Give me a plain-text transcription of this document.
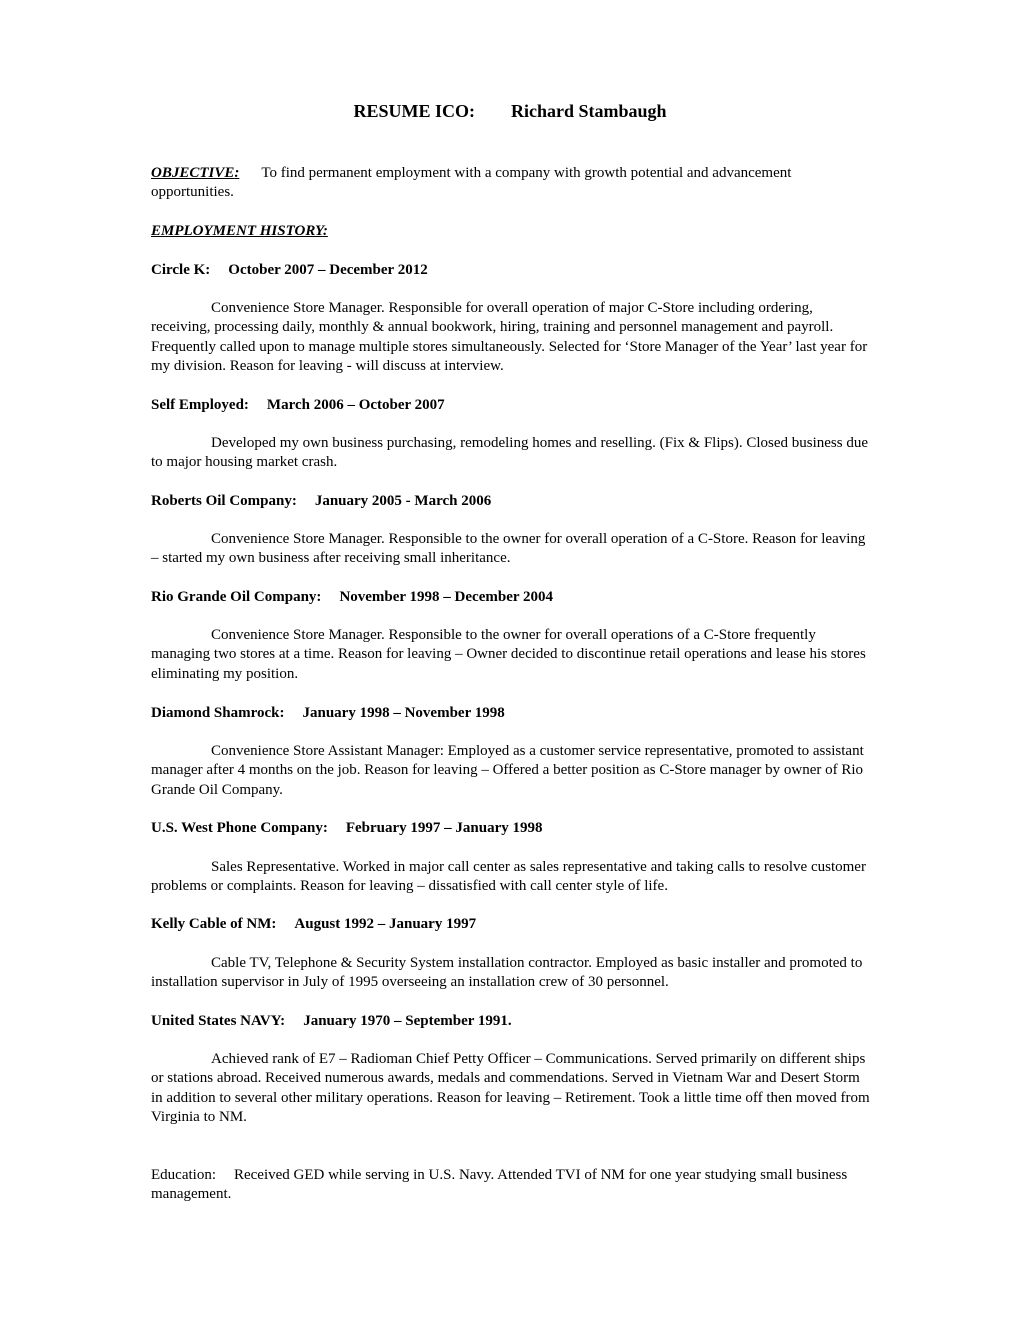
RESUME ICO: Richard Stambaugh

OBJECTIVE: To find permanent employment with a company with growth potential and advancement opportunities.

EMPLOYMENT HISTORY:

Circle K: October 2007 – December 2012

Convenience Store Manager. Responsible for overall operation of major C-Store including ordering, receiving, processing daily, monthly & annual bookwork, hiring, training and personnel management and payroll. Frequently called upon to manage multiple stores simultaneously. Selected for ‘Store Manager of the Year’ last year for my division. Reason for leaving - will discuss at interview.

Self Employed: March 2006 – October 2007

Developed my own business purchasing, remodeling homes and reselling. (Fix & Flips). Closed business due to major housing market crash.

Roberts Oil Company: January 2005 - March 2006

Convenience Store Manager. Responsible to the owner for overall operation of a C-Store. Reason for leaving – started my own business after receiving small inheritance.

Rio Grande Oil Company: November 1998 – December 2004

Convenience Store Manager. Responsible to the owner for overall operations of a C-Store frequently managing two stores at a time. Reason for leaving – Owner decided to discontinue retail operations and lease his stores eliminating my position.

Diamond Shamrock: January 1998 – November 1998

Convenience Store Assistant Manager: Employed as a customer service representative, promoted to assistant manager after 4 months on the job. Reason for leaving – Offered a better position as C-Store manager by owner of Rio Grande Oil Company.

U.S. West Phone Company: February 1997 – January 1998

Sales Representative. Worked in major call center as sales representative and taking calls to resolve customer problems or complaints. Reason for leaving – dissatisfied with call center style of life.

Kelly Cable of NM: August 1992 – January 1997

Cable TV, Telephone & Security System installation contractor. Employed as basic installer and promoted to installation supervisor in July of 1995 overseeing an installation crew of 30 personnel.

United States NAVY: January 1970 – September 1991.

Achieved rank of E7 – Radioman Chief Petty Officer – Communications. Served primarily on different ships or stations abroad. Received numerous awards, medals and commendations. Served in Vietnam War and Desert Storm in addition to several other military operations. Reason for leaving – Retirement. Took a little time off then moved from Virginia to NM.

Education: Received GED while serving in U.S. Navy. Attended TVI of NM for one year studying small business management.
